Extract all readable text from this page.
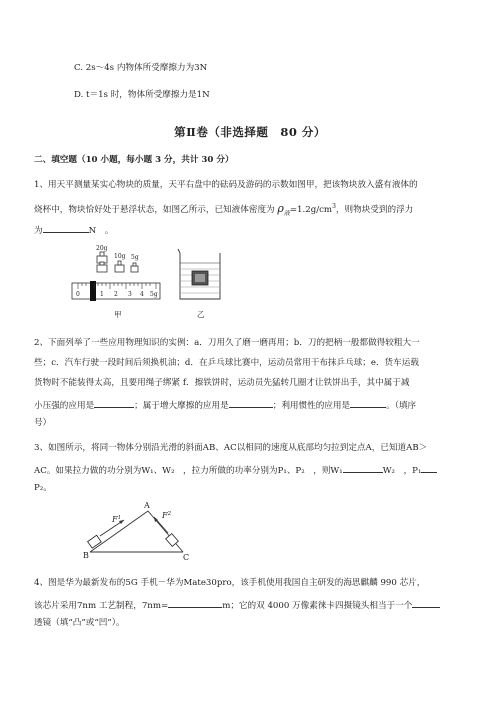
C. 2s～4s 内物体所受摩擦力为3N
D. t＝1s 时，物体所受摩擦力是1N
第Ⅱ卷（非选择题　80 分）
二、填空题（10 小题，每小题 3 分，共计 30 分）
1、用天平测量某实心物块的质量，天平右盘中的砝码及游码的示数如图甲，把该物块放入盛有液体的
烧杯中，物块恰好处于悬浮状态，如图乙所示，已知液体密度为 $\rho_液=1.2g/cm^3$，则物块受到的浮力
为	N　。
20g
10g 5g
0	1 2 3 4 5g
甲	乙
2、下面列举了一些应用物理知识的实例：a．刀用久了磨一磨再用；b．刀的把柄一般都做得较粗大一
些；c．汽车行驶一段时间后须换机油；d．在乒乓球比赛中，运动员常用干布抹乒乓球；e．货车运载
货物时不能装得太高，且要用绳子绑紧 f．擦铁饼时，运动员先猛转几圈才让铁饼出手，其中属于减
小压强的应用是	；属于增大摩擦的应用是	；利用惯性的应用是	。（填序
号）
3、如图所示，将同一物体分别沿光滑的斜面AB、AC以相同的速度从底部均匀拉到定点A，已知道AB＞
AC。如果拉力做的功分别为W₁、W₂　，拉力所做的功率分别为P₁、P₂　，则W₁	W₂　，P₁
P₂。
$F^1$	$F^2$
A
B	C
4、图是华为最新发布的5G 手机－华为Mate30pro，该手机使用我国自主研发的海思麒麟 990 芯片，
该芯片采用7nm 工艺制程，7nm=	m；它的双 4000 万像素徕卡四摄镜头相当于一个
透镜（填“凸”或“凹”）。
